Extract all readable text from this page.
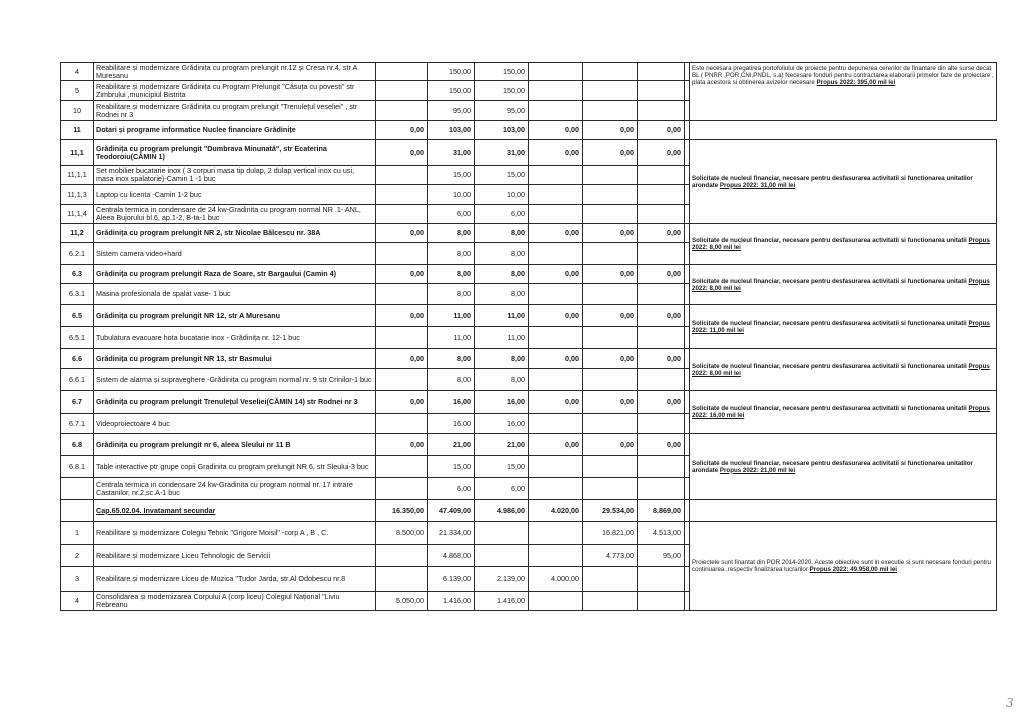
4	Reabilitare și modernizare Grădinița cu program prelungit nr.12 și Cresa nr.4, str A Muresanu		150,00	150,00					Este necesara pregatirea portofoliului de proiecte pentru depunerea cererilor de finantare din alte surse decat BL ( PNRR ,POR,CNI,PNDL, s.a) Necesare fonduri pentru contractarea elaborarii primelor faze de proiectare , plata acestora si obtinerea avizelor necesare Propus 2022: 395,00 mil lei
5	Reabilitare și modernizare Grădinița cu Program Prelungit "Căsuța cu povesti" str Zimbrului ,municipiul Bistrita		150,00	150,00					
10	Reabilitare și modernizare Grădinița cu program prelungit "Trenulețul veseliei" , str Rodnei nr 3		95,00	95,00					
11	Dotari și programe informatice Nuclee financiare Grădinițe	0,00	103,00	103,00	0,00	0,00	0,00		
11,1	Grădinița cu program prelungit "Dumbrava Minunată", str Ecaterina Teodoroiu(CĂMIN 1)	0,00	31,00	31,00	0,00	0,00	0,00		Solicitate de nucleul financiar, necesare pentru desfasurarea activitatii si functionarea unitatilor arondate Propus 2022: 31,00 mil lei
11,1,1	Set mobilier bucatarie inox ( 3 corpuri masa tip dulap, 2 dulap vertical inox cu usi, masa inox spalatorie)-Camin 1 -1 buc		15,00	15,00					
11,1,3	Laptop cu licenta -Camin 1-2 buc		10,00	10,00					
11,1,4	Centrala termica in condensare de 24 kw-Gradinita cu program normal NR .1- ANL, Aleea Bujorului bl.6, ap.1-2, B-ta-1 buc		6,00	6,00					
11,2	Grădinița cu program prelungit NR 2, str Nicolae Bălcescu nr. 38A	0,00	8,00	8,00	0,00	0,00	0,00		Solicitate de nucleul financiar, necesare pentru desfasurarea activitatii si functionarea unitatii Propus 2022: 8,00 mil lei
6.2.1	Sistem camera video+hard		8,00	8,00					
6.3	Grădinița cu program prelungit Raza de Soare, str Bargaului (Camin 4)	0,00	8,00	8,00	0,00	0,00	0,00		Solicitate de nucleul financiar, necesare pentru desfasurarea activitatii si functionarea unitatii Propus 2022: 8,00 mil lei
6.3.1	Masina profesionala de spalat vase- 1 buc		8,00	8,00					
6.5	Grădinița cu program prelungit NR 12, str A Muresanu	0,00	11,00	11,00	0,00	0,00	0,00		Solicitate de nucleul financiar, necesare pentru desfasurarea activitatii si functionarea unitatii Propus 2022: 11,00 mil lei
6.5.1	Tubulatura evacuare hota bucatarie inox - Grădinița nr. 12-1 buc		11,00	11,00					
6.6	Grădinița cu program prelungit NR 13, str Basmului	0,00	8,00	8,00	0,00	0,00	0,00		Solicitate de nucleul financiar, necesare pentru desfasurarea activitatii si functionarea unitatii Propus 2022: 8,00 mil lei
6.6.1	Sistem de alarma și supraveghere -Grădinița cu program normal nr. 9 str Crinilor-1 buc		8,00	8,00					
6.7	Grădinița cu program prelungit Trenulețul Veseliei(CĂMIN 14) str Rodnei nr 3	0,00	16,00	16,00	0,00	0,00	0,00		Solicitate de nucleul financiar, necesare pentru desfasurarea activitatii si functionarea unitatii Propus 2022: 16,00 mil lei
6.7.1	Videoproiectoare 4 buc		16,00	16,00					
6.8	Grădinița cu program prelungit nr 6, aleea Sleului nr 11 B	0,00	21,00	21,00	0,00	0,00	0,00		Solicitate de nucleul financiar, necesare pentru desfasurarea activitatii si functionarea unitatilor arondate Propus 2022: 21,00 mil lei
6.8.1	Table interactive ptr grupe copii Gradinita cu program prelungit NR 6, str Sleului-3 buc		15,00	15,00					
	Centrala termica in condensare 24 kw-Gradinita cu program normal nr. 17 intrare Castanilor, nr.2,sc.A-1 buc		6,00	6,00					
	Cap.65.02.04. Invatamant secundar	16.350,00	47.409,00	4.986,00	4.020,00	29.534,00	8.869,00		
1	Reabilitare și modernizare Colegiu Tehnic "Grigore Moisil" -corp A , B , C.	8.500,00	21.334,00			16.821,00	4.513,00		Proiectele sunt finantat din POR 2014-2020. Aceste obiective sunt in executie si sunt necesare fonduri pentru continuarea ,respectiv finalizarea lucrarilor Propus 2022: 49.958,00 mil lei
2	Reabilitare și modernizare Liceu Tehnologic de Servicii		4.868,00			4.773,00	95,00		
3	Reabilitare și modernizare Liceu de Muzica "Tudor Jarda, str.Al Odobescu nr.8		6.139,00	2.139,00	4.000,00				
4	Consolidarea și modernizarea Corpului A (corp liceu) Colegiul Național "Liviu Rebreanu	5.050,00	1.416,00	1.416,00					
3
